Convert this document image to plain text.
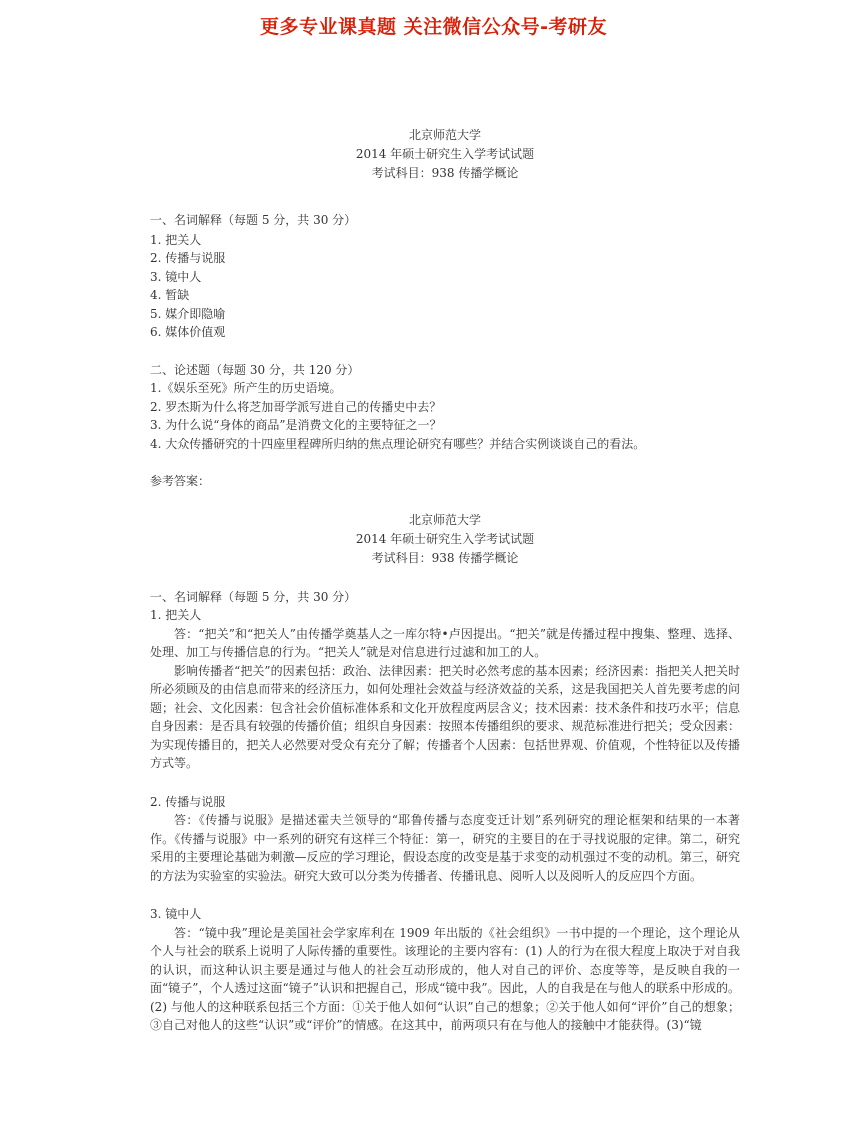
更多专业课真题 关注微信公众号-考研友
北京师范大学
2014 年硕士研究生入学考试试题
考试科目：938 传播学概论

一、名词解释（每题 5 分，共 30 分）

1. 把关人

2. 传播与说服

3. 镜中人

4. 暂缺

5. 媒介即隐喻

6. 媒体价值观

二、论述题（每题 30 分，共 120 分）

1.《娱乐至死》所产生的历史语境。

2. 罗杰斯为什么将芝加哥学派写进自己的传播史中去？

3. 为什么说“身体的商品”是消费文化的主要特征之一？

4. 大众传播研究的十四座里程碑所归纳的焦点理论研究有哪些？并结合实例谈谈自己的看法。

参考答案：

北京师范大学
2014 年硕士研究生入学考试试题
考试科目：938 传播学概论

一、名词解释（每题 5 分，共 30 分）

1. 把关人

答：“把关”和“把关人”由传播学奠基人之一库尔特•卢因提出。“把关”就是传播过程中搜集、整理、选择、处理、加工与传播信息的行为。“把关人”就是对信息进行过滤和加工的人。

影响传播者“把关”的因素包括：政治、法律因素：把关时必然考虑的基本因素；经济因素：指把关人把关时所必须顾及的由信息而带来的经济压力，如何处理社会效益与经济效益的关系，这是我国把关人首先要考虑的问题；社会、文化因素：包含社会价值标准体系和文化开放程度两层含义；技术因素：技术条件和技巧水平；信息自身因素：是否具有较强的传播价值；组织自身因素：按照本传播组织的要求、规范标准进行把关；受众因素：为实现传播目的，把关人必然要对受众有充分了解；传播者个人因素：包括世界观、价值观，个性特征以及传播方式等。

2. 传播与说服

答：《传播与说服》是描述霍夫兰领导的“耶鲁传播与态度变迁计划”系列研究的理论框架和结果的一本著作。《传播与说服》中一系列的研究有这样三个特征：第一，研究的主要目的在于寻找说服的定律。第二，研究采用的主要理论基础为刺激—反应的学习理论，假设态度的改变是基于求变的动机强过不变的动机。第三，研究的方法为实验室的实验法。研究大致可以分类为传播者、传播讯息、阅听人以及阅听人的反应四个方面。

3. 镜中人

答：“镜中我”理论是美国社会学家库利在 1909 年出版的《社会组织》一书中提的一个理论，这个理论从个人与社会的联系上说明了人际传播的重要性。该理论的主要内容有：(1) 人的行为在很大程度上取决于对自我的认识，而这种认识主要是通过与他人的社会互动形成的，他人对自己的评价、态度等等，是反映自我的一面“镜子”，个人透过这面“镜子”认识和把握自己，形成“镜中我”。因此，人的自我是在与他人的联系中形成的。(2) 与他人的这种联系包括三个方面：①关于他人如何“认识”自己的想象；②关于他人如何“评价”自己的想象；③自己对他人的这些“认识”或“评价”的情感。在这其中，前两项只有在与他人的接触中才能获得。(3)“镜
